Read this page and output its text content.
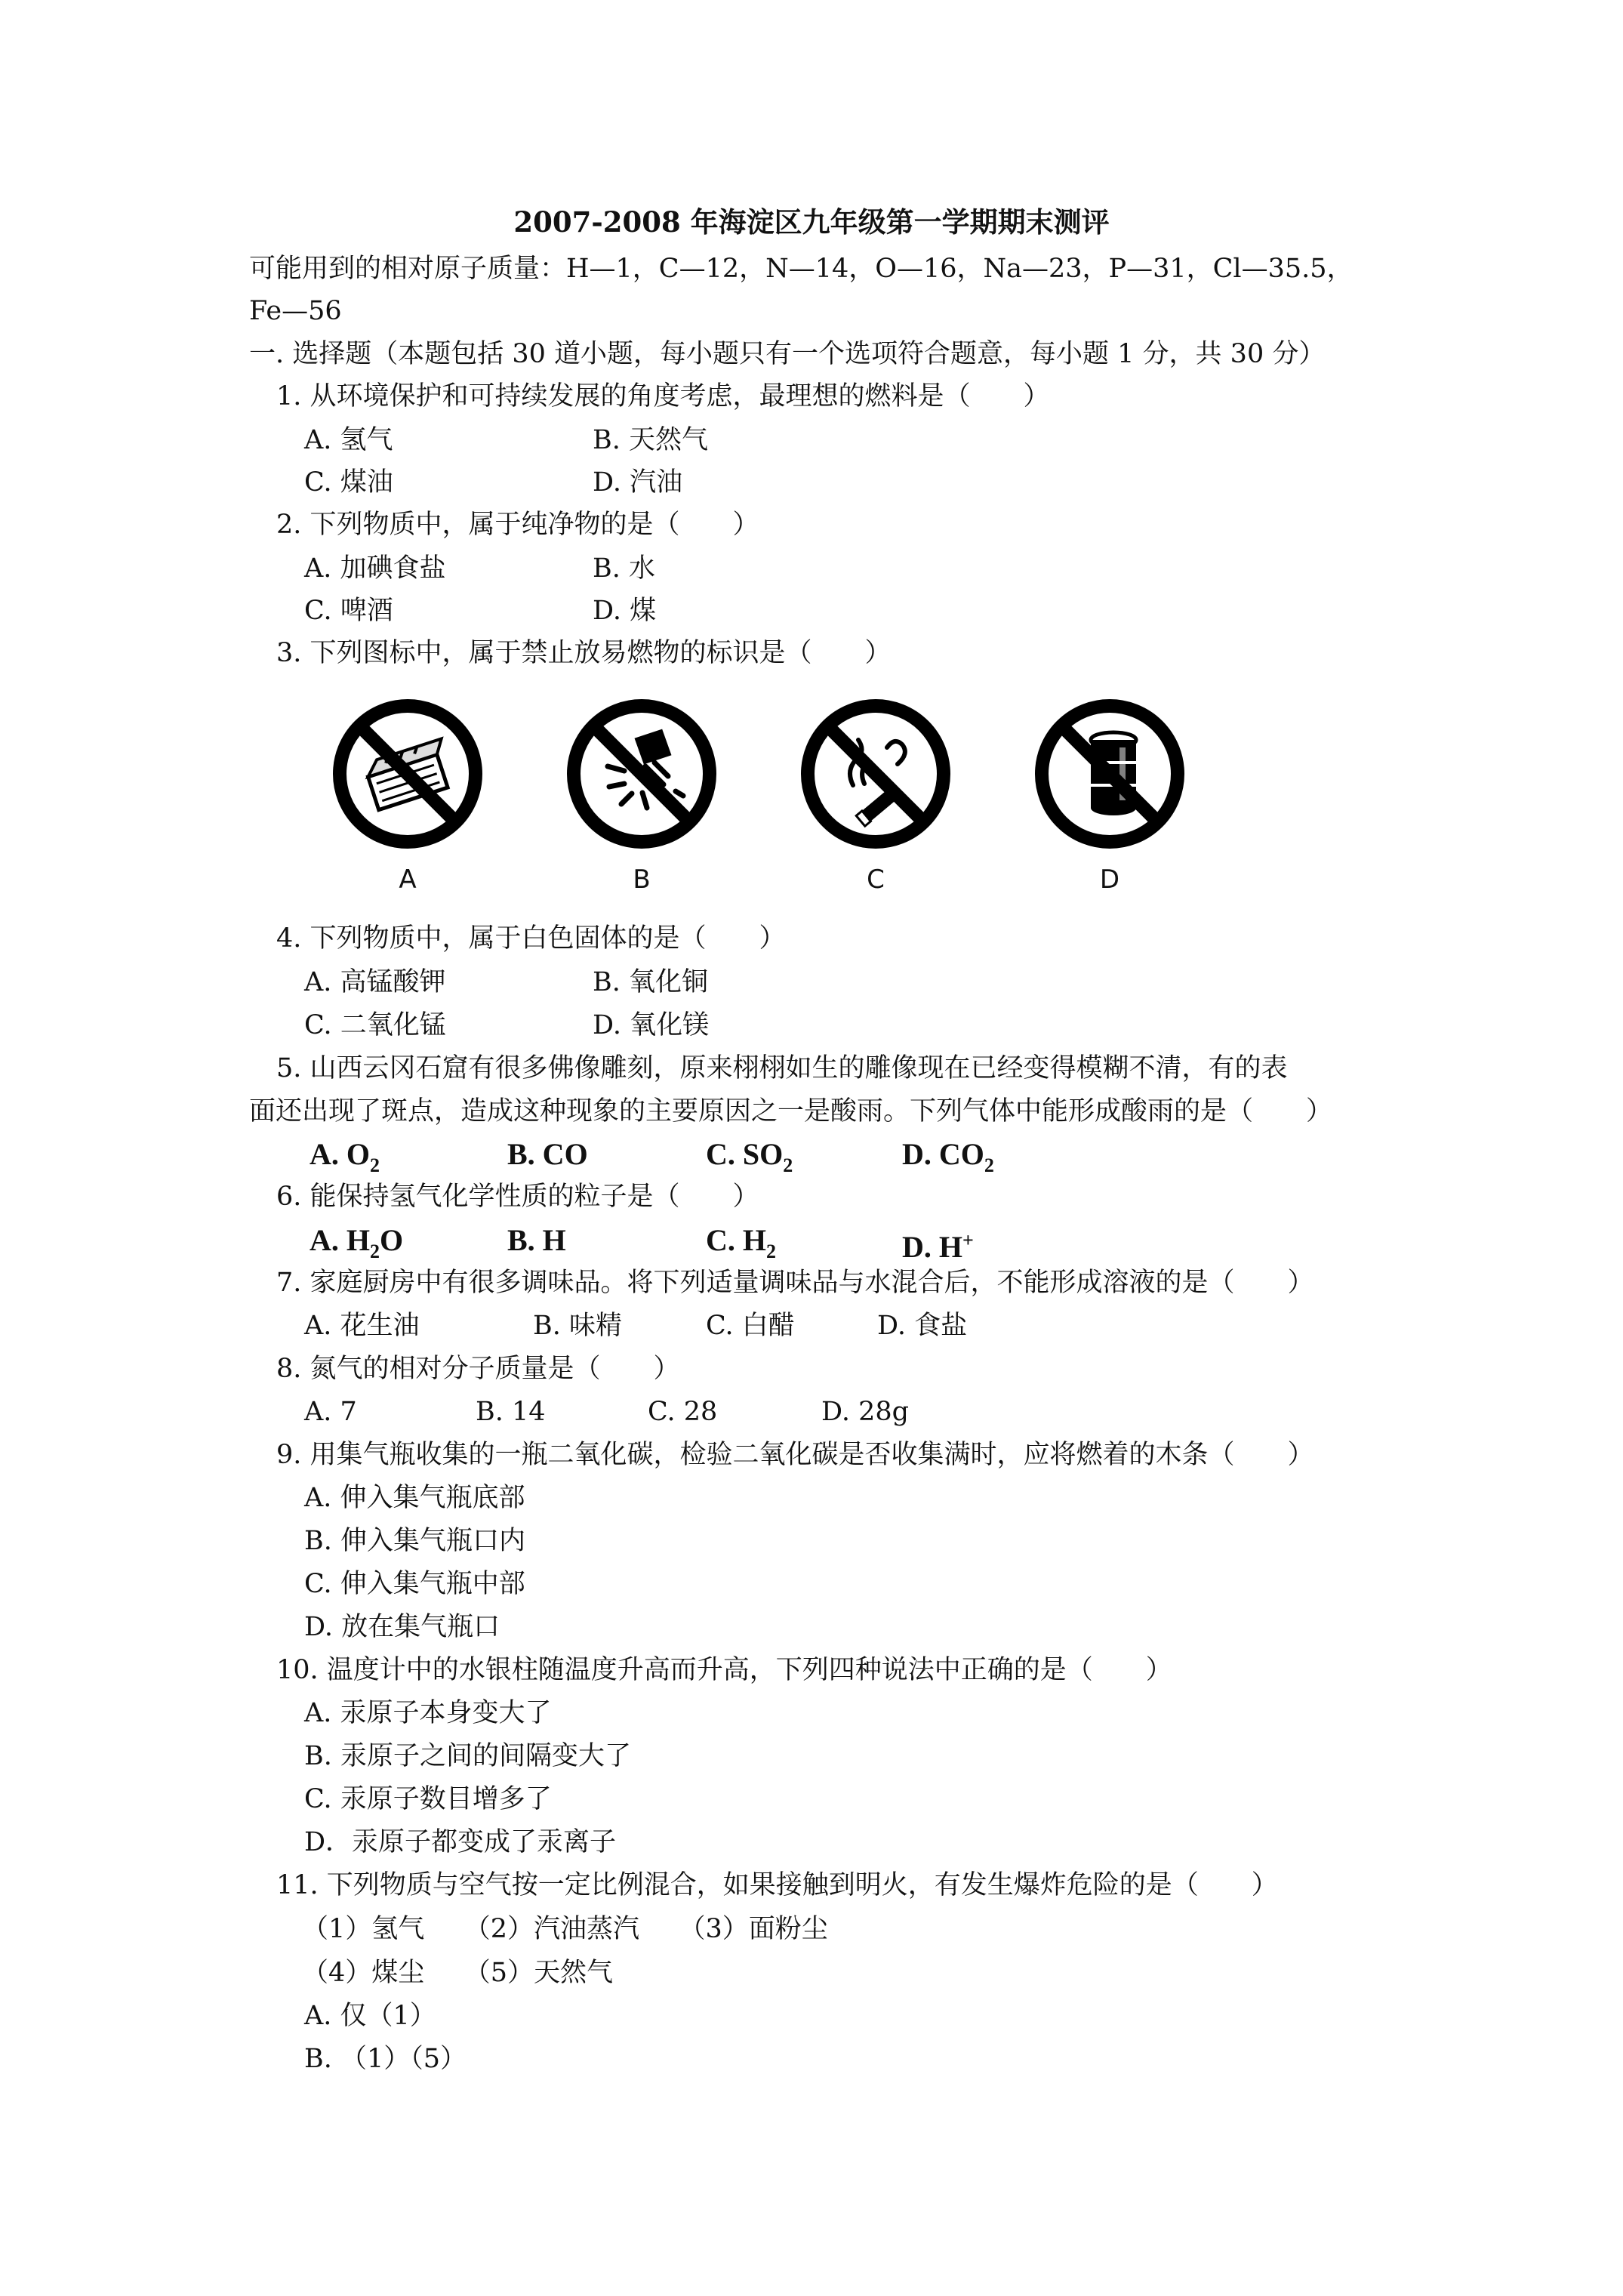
2007-2008 年海淀区九年级第一学期期末测评
可能用到的相对原子质量：H—1，C—12，N—14，O—16，Na—23，P—31，Cl—35.5，
Fe—56
一. 选择题（本题包括 30 道小题，每小题只有一个选项符合题意，每小题 1 分，共 30 分）
1. 从环境保护和可持续发展的角度考虑，最理想的燃料是（　　）
A. 氢气	B. 天然气
C. 煤油	D. 汽油
2. 下列物质中，属于纯净物的是（　　）
A. 加碘食盐	B. 水
C. 啤酒	D. 煤
3. 下列图标中，属于禁止放易燃物的标识是（　　）
A	B	C	D
4. 下列物质中，属于白色固体的是（　　）
A. 高锰酸钾	B. 氧化铜
C. 二氧化锰	D. 氧化镁
5. 山西云冈石窟有很多佛像雕刻，原来栩栩如生的雕像现在已经变得模糊不清，有的表
面还出现了斑点，造成这种现象的主要原因之一是酸雨。下列气体中能形成酸雨的是（　　）
A. $O_2$	B. CO	C. $SO_2$	D. $CO_2$
6. 能保持氢气化学性质的粒子是（　　）
A. $H_2O$	B. H	C. $H_2$	D. H+
7. 家庭厨房中有很多调味品。将下列适量调味品与水混合后，不能形成溶液的是（　　）
A. 花生油	B. 味精	C. 白醋	D. 食盐
8. 氮气的相对分子质量是（　　）
A. 7	B. 14	C. 28	D. 28g
9. 用集气瓶收集的一瓶二氧化碳，检验二氧化碳是否收集满时，应将燃着的木条（　　）
A. 伸入集气瓶底部
B. 伸入集气瓶口内
C. 伸入集气瓶中部
D. 放在集气瓶口
10. 温度计中的水银柱随温度升高而升高，下列四种说法中正确的是（　　）
A. 汞原子本身变大了
B. 汞原子之间的间隔变大了
C. 汞原子数目增多了
D．汞原子都变成了汞离子
11. 下列物质与空气按一定比例混合，如果接触到明火，有发生爆炸危险的是（　　）
（1）氢气　　（2）汽油蒸汽　　（3）面粉尘
（4）煤尘　　（5）天然气
A. 仅（1）
B. （1）（5）
